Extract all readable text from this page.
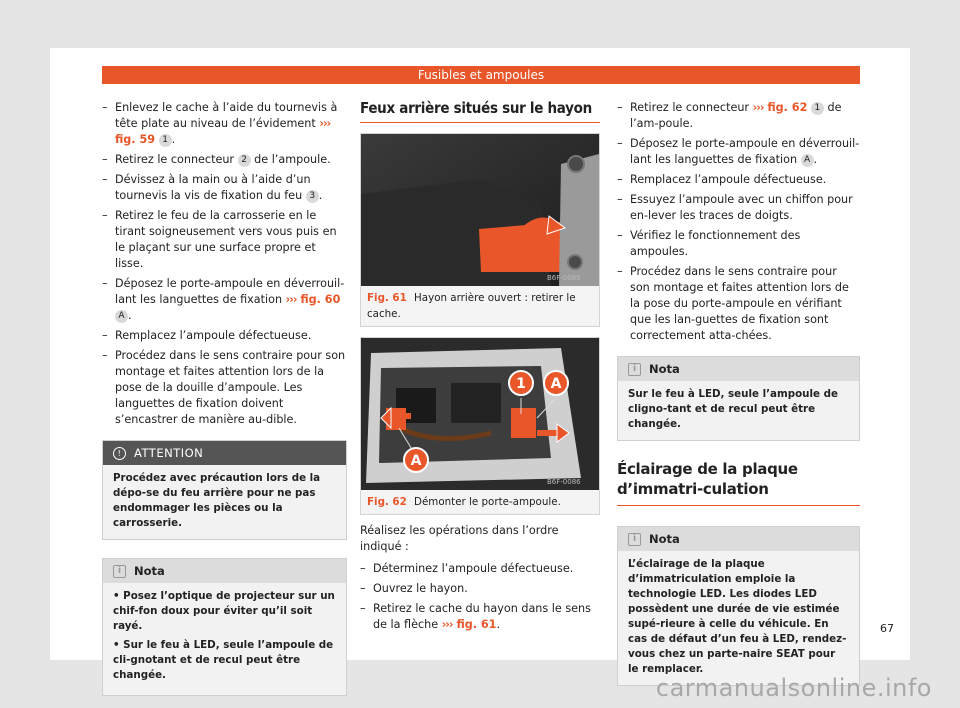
Fusibles et ampoules
– Enlevez le cache à l’aide du tournevis à tête plate au niveau de l’évidement ››› fig. 59 1 .
– Retirez le connecteur 2 de l’ampoule.
– Dévissez à la main ou à l’aide d’un tournevis la vis de fixation du feu 3 .
– Retirez le feu de la carrosserie en le tirant soigneusement vers vous puis en le plaçant sur une surface propre et lisse.
– Déposez le porte-ampoule en déverrouil-lant les languettes de fixation ››› fig. 60 A .
– Remplacez l’ampoule défectueuse.
– Procédez dans le sens contraire pour son montage et faites attention lors de la pose de la douille d’ampoule. Les languettes de fixation doivent s’encastrer de manière au-dible.
!	ATTENTION
Procédez avec précaution lors de la dépo-se du feu arrière pour ne pas endommager les pièces ou la carrosserie.
i	Nota

• Posez l’optique de projecteur sur un chif-fon doux pour éviter qu’il soit rayé.

• Sur le feu à LED, seule l’ampoule de cli-gnotant et de recul peut être changée.

Feux arrière situés sur le hayon
B6F-0085
Fig. 61 Hayon arrière ouvert : retirer le cache.
1 A
A
B6F-0086
Fig. 62 Démonter le porte-ampoule.
Réalisez les opérations dans l’ordre indiqué :
– Déterminez l’ampoule défectueuse.
– Ouvrez le hayon.
– Retirez le cache du hayon dans le sens de la flèche ››› fig. 61.
– Retirez le connecteur ››› fig. 62 1 de l’am-poule.
– Déposez le porte-ampoule en déverrouil-lant les languettes de fixation A .
– Remplacez l’ampoule défectueuse.
– Essuyez l’ampoule avec un chiffon pour en-lever les traces de doigts.
– Vérifiez le fonctionnement des ampoules.
– Procédez dans le sens contraire pour son montage et faites attention lors de la pose du porte-ampoule en vérifiant que les lan-guettes de fixation sont correctement atta-chées.
i	Nota
Sur le feu à LED, seule l’ampoule de cligno-tant et de recul peut être changée.
Éclairage de la plaque d’immatri-culation
i	Nota
L’éclairage de la plaque d’immatriculation emploie la technologie LED. Les diodes LED possèdent une durée de vie estimée supé-rieure à celle du véhicule. En cas de défaut d’un feu à LED, rendez-vous chez un parte-naire SEAT pour le remplacer.
67
carmanualsonline.info
